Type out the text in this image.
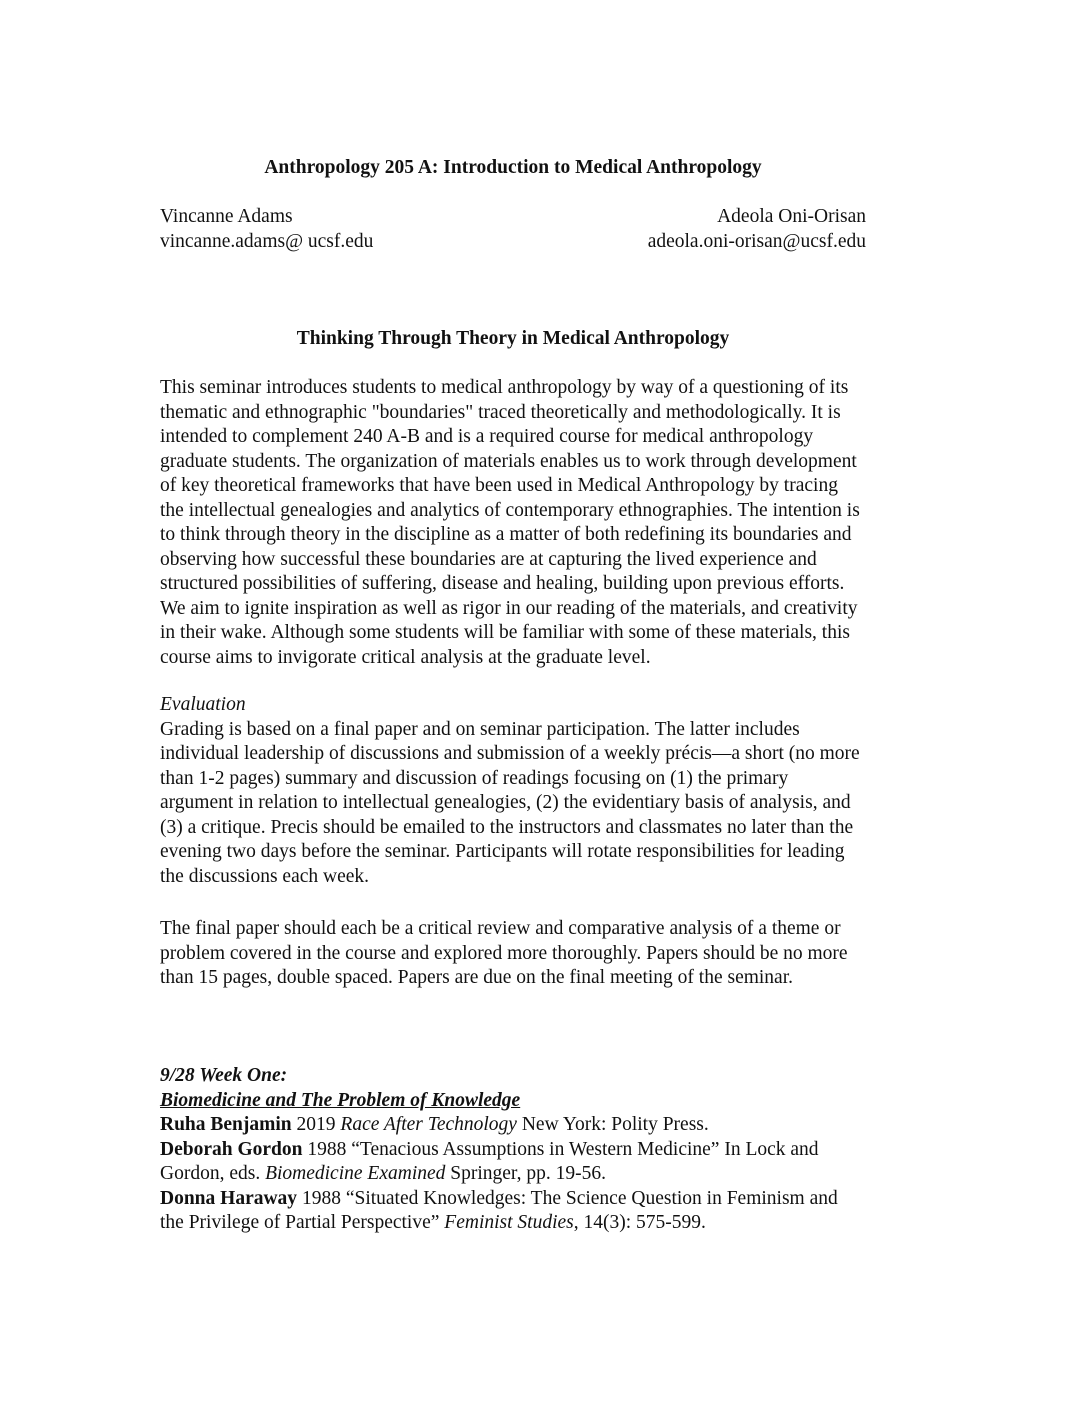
Anthropology 205 A: Introduction to Medical Anthropology
Vincanne Adams
vincanne.adams@ ucsf.edu
Adeola Oni-Orisan
adeola.oni-orisan@ucsf.edu
Thinking Through Theory in Medical Anthropology
This seminar introduces students to medical anthropology by way of a questioning of its
thematic and ethnographic "boundaries" traced theoretically and methodologically. It is
intended to complement 240 A-B and is a required course for medical anthropology
graduate students. The organization of materials enables us to work through development
of key theoretical frameworks that have been used in Medical Anthropology by tracing
the intellectual genealogies and analytics of contemporary ethnographies. The intention is
to think through theory in the discipline as a matter of both redefining its boundaries and
observing how successful these boundaries are at capturing the lived experience and
structured possibilities of suffering, disease and healing, building upon previous efforts.
We aim to ignite inspiration as well as rigor in our reading of the materials, and creativity
in their wake. Although some students will be familiar with some of these materials, this
course aims to invigorate critical analysis at the graduate level.
Evaluation
Grading is based on a final paper and on seminar participation. The latter includes
individual leadership of discussions and submission of a weekly précis—a short (no more
than 1-2 pages) summary and discussion of readings focusing on (1) the primary
argument in relation to intellectual genealogies, (2) the evidentiary basis of analysis, and
(3) a critique. Precis should be emailed to the instructors and classmates no later than the
evening two days before the seminar. Participants will rotate responsibilities for leading
the discussions each week.
The final paper should each be a critical review and comparative analysis of a theme or
problem covered in the course and explored more thoroughly. Papers should be no more
than 15 pages, double spaced. Papers are due on the final meeting of the seminar.
9/28 Week One:
Biomedicine and The Problem of Knowledge
Ruha Benjamin 2019 Race After Technology New York: Polity Press.
Deborah Gordon 1988 “Tenacious Assumptions in Western Medicine” In Lock and
Gordon, eds. Biomedicine Examined Springer, pp. 19-56.
Donna Haraway 1988 “Situated Knowledges: The Science Question in Feminism and
the Privilege of Partial Perspective” Feminist Studies, 14(3): 575-599.
